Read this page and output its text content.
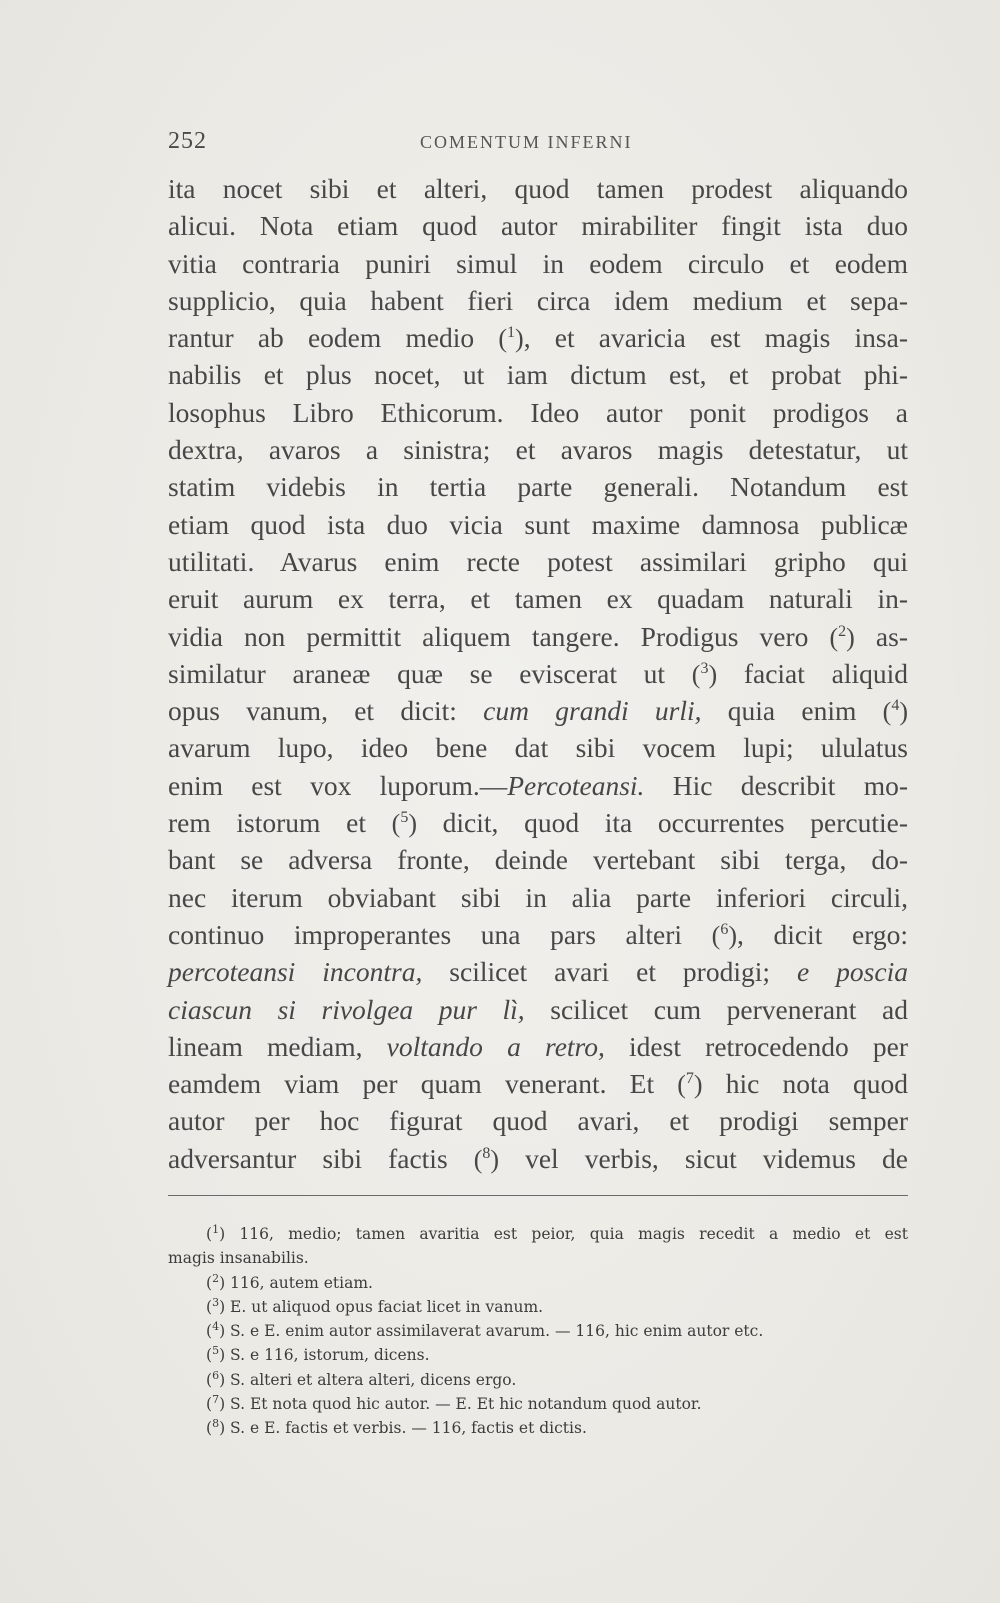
252	COMENTUM INFERNI
ita nocet sibi et alteri, quod tamen prodest aliquando
alicui. Nota etiam quod autor mirabiliter fingit ista duo
vitia contraria puniri simul in eodem circulo et eodem
supplicio, quia habent fieri circa idem medium et sepa-
rantur ab eodem medio ($^1$), et avaricia est magis insa-
nabilis et plus nocet, ut iam dictum est, et probat phi-
losophus Libro Ethicorum. Ideo autor ponit prodigos a
dextra, avaros a sinistra; et avaros magis detestatur, ut
statim videbis in tertia parte generali. Notandum est
etiam quod ista duo vicia sunt maxime damnosa publicæ
utilitati. Avarus enim recte potest assimilari gripho qui
eruit aurum ex terra, et tamen ex quadam naturali in-
vidia non permittit aliquem tangere. Prodigus vero ($^2$) as-
similatur araneæ quæ se eviscerat ut ($^3$) faciat aliquid
opus vanum, et dicit: cum grandi urli, quia enim ($^4$)
avarum lupo, ideo bene dat sibi vocem lupi; ululatus
enim est vox luporum.—Percoteansi. Hic describit mo-
rem istorum et ($^5$) dicit, quod ita occurrentes percutie-
bant se adversa fronte, deinde vertebant sibi terga, do-
nec iterum obviabant sibi in alia parte inferiori circuli,
continuo improperantes una pars alteri ($^6$), dicit ergo:
percoteansi incontra, scilicet avari et prodigi; e poscia
ciascun si rivolgea pur lì, scilicet cum pervenerant ad
lineam mediam, voltando a retro, idest retrocedendo per
eamdem viam per quam venerant. Et ($^7$) hic nota quod
autor per hoc figurat quod avari, et prodigi semper
adversantur sibi factis ($^8$) vel verbis, sicut videmus de
($^1$) 116, medio; tamen avaritia est peior, quia magis recedit a medio et est
magis insanabilis.
($^2$) 116, autem etiam.
($^3$) E. ut aliquod opus faciat licet in vanum.
($^4$) S. e E. enim autor assimilaverat avarum. — 116, hic enim autor etc.
($^5$) S. e 116, istorum, dicens.
($^6$) S. alteri et altera alteri, dicens ergo.
($^7$) S. Et nota quod hic autor. — E. Et hic notandum quod autor.
($^8$) S. e E. factis et verbis. — 116, factis et dictis.
